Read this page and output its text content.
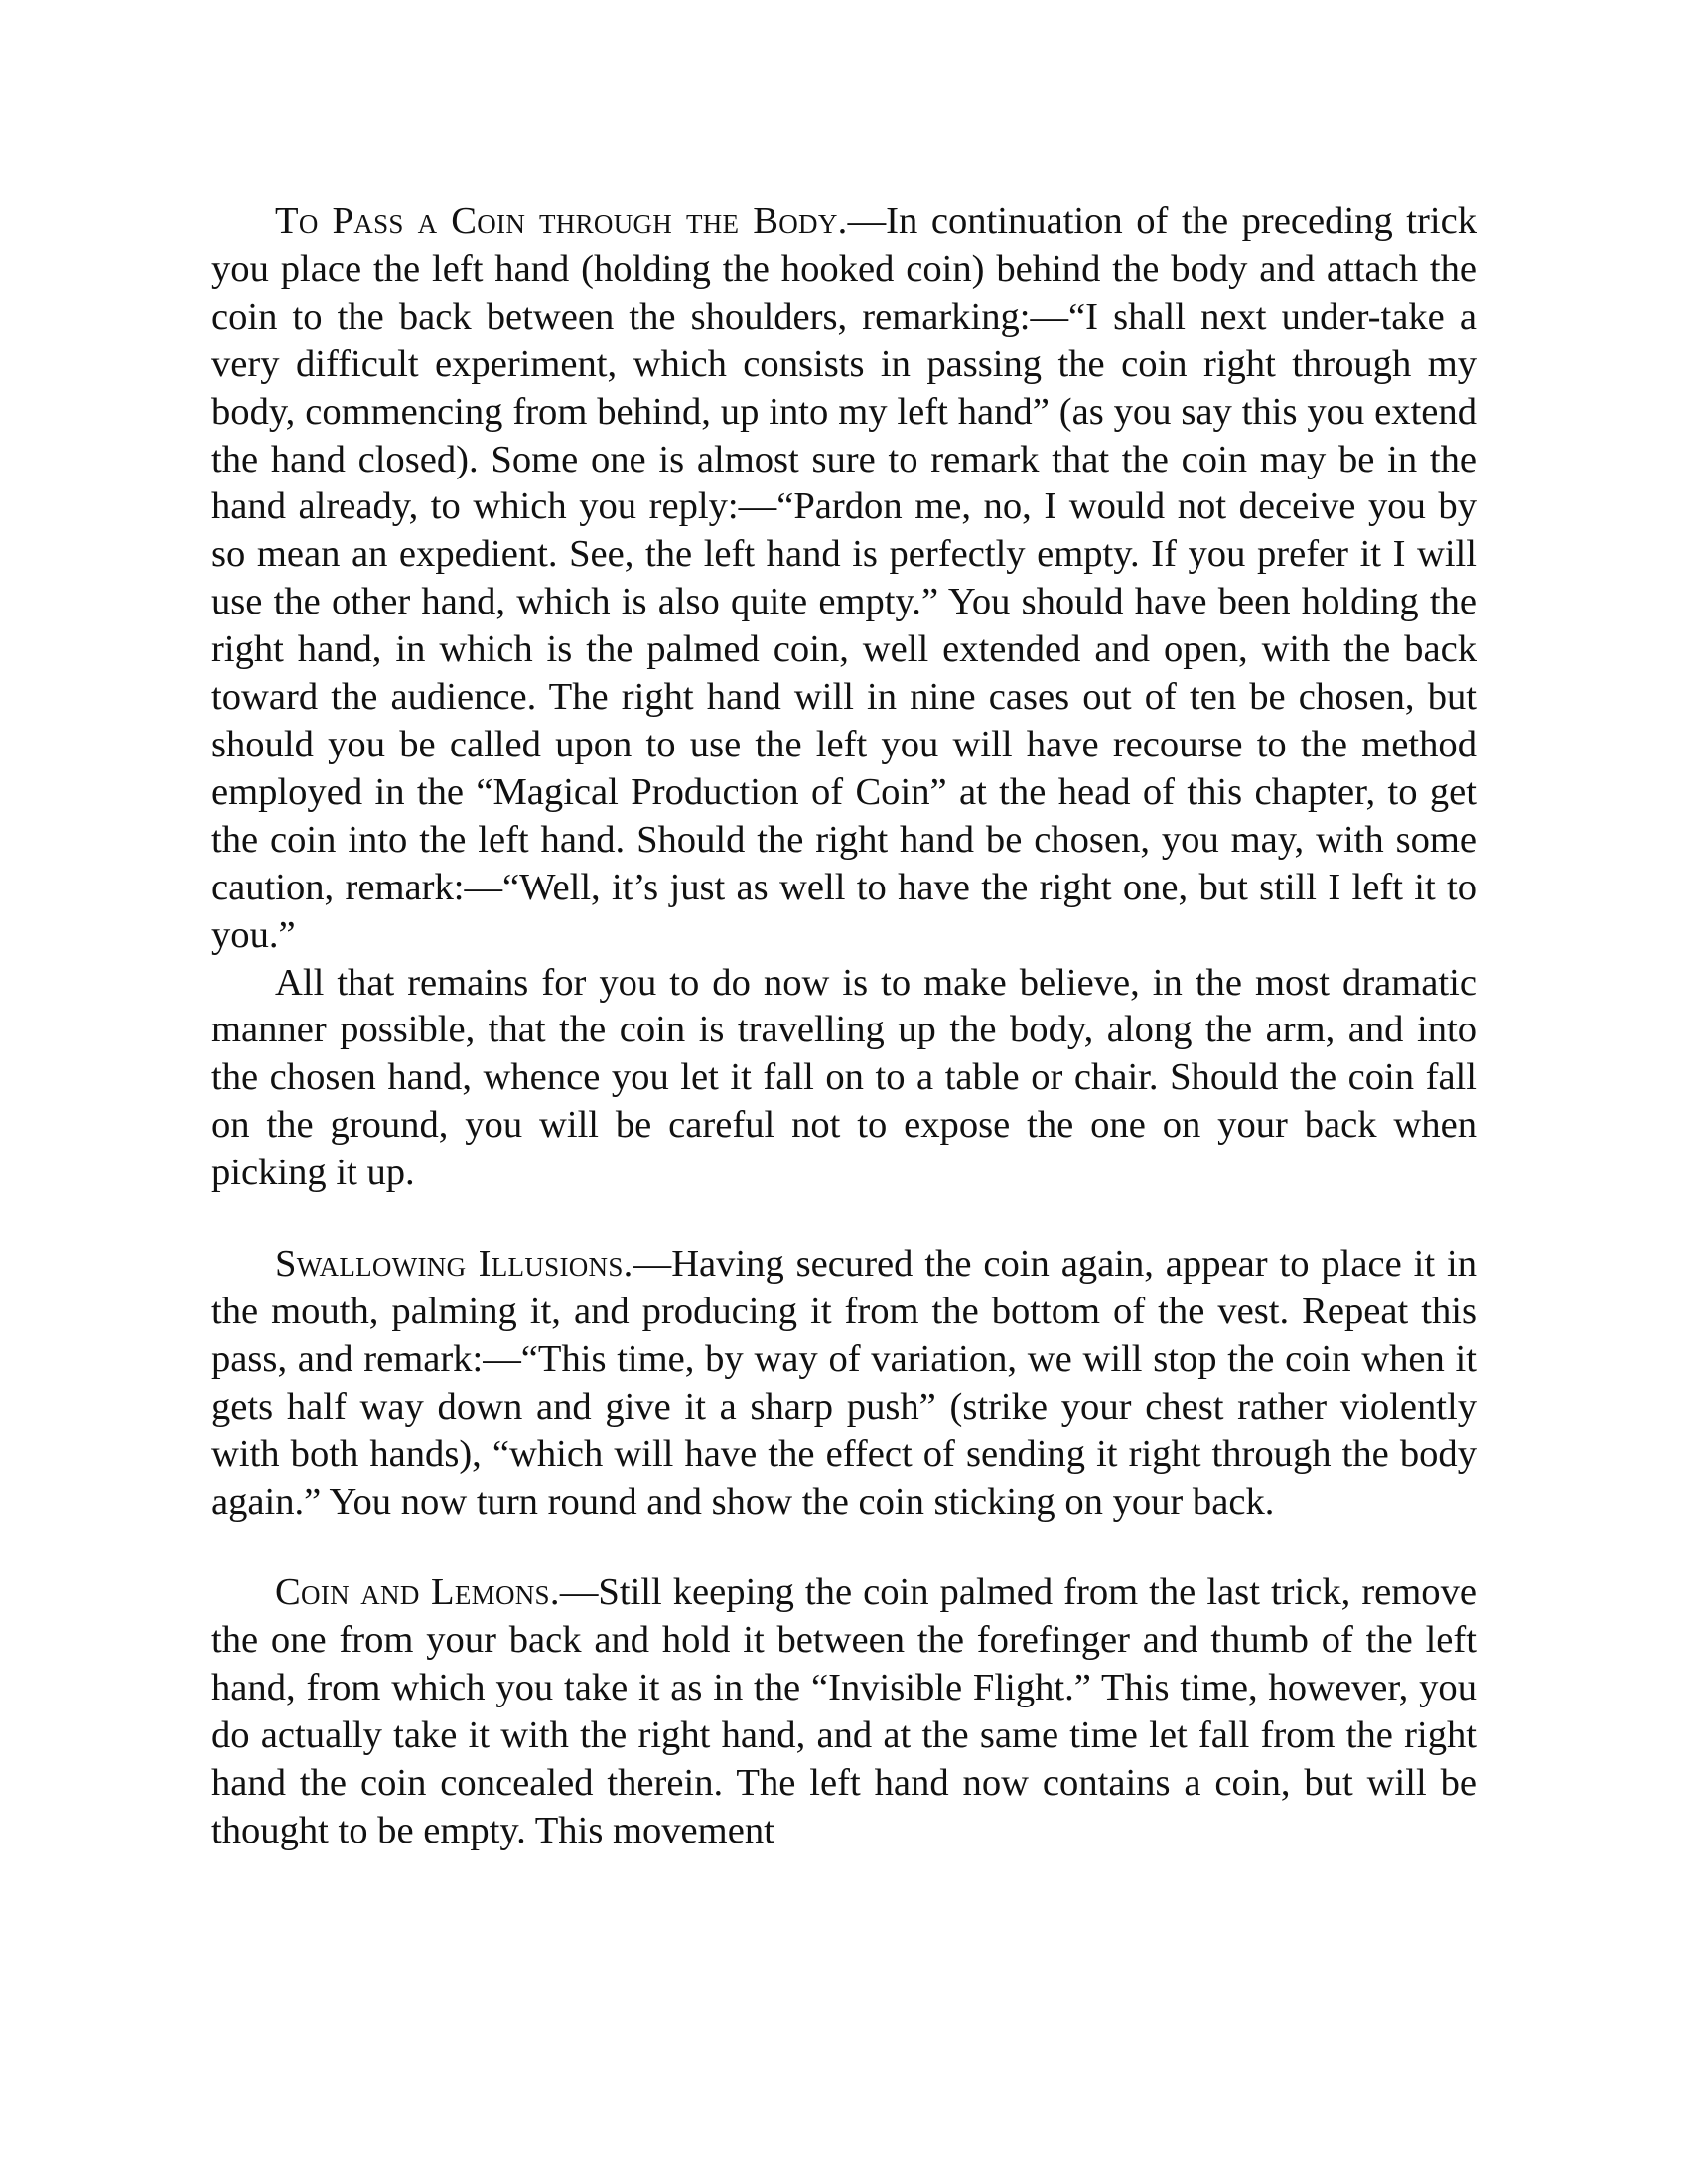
To Pass a Coin through the Body.—In continuation of the preceding trick you place the left hand (holding the hooked coin) behind the body and attach the coin to the back between the shoulders, remarking:—“I shall next under-take a very difficult experiment, which consists in passing the coin right through my body, commencing from behind, up into my left hand” (as you say this you extend the hand closed). Some one is almost sure to remark that the coin may be in the hand already, to which you reply:—“Pardon me, no, I would not deceive you by so mean an expedient. See, the left hand is perfectly empty. If you prefer it I will use the other hand, which is also quite empty.” You should have been holding the right hand, in which is the palmed coin, well extended and open, with the back toward the audience. The right hand will in nine cases out of ten be chosen, but should you be called upon to use the left you will have recourse to the method employed in the “Magical Production of Coin” at the head of this chapter, to get the coin into the left hand. Should the right hand be chosen, you may, with some caution, remark:—“Well, it’s just as well to have the right one, but still I left it to you.”

All that remains for you to do now is to make believe, in the most dramatic manner possible, that the coin is travelling up the body, along the arm, and into the chosen hand, whence you let it fall on to a table or chair. Should the coin fall on the ground, you will be careful not to expose the one on your back when picking it up.

Swallowing Illusions.—Having secured the coin again, appear to place it in the mouth, palming it, and producing it from the bottom of the vest. Repeat this pass, and remark:—“This time, by way of variation, we will stop the coin when it gets half way down and give it a sharp push” (strike your chest rather violently with both hands), “which will have the effect of sending it right through the body again.” You now turn round and show the coin sticking on your back.

Coin and Lemons.—Still keeping the coin palmed from the last trick, remove the one from your back and hold it between the forefinger and thumb of the left hand, from which you take it as in the “Invisible Flight.” This time, however, you do actually take it with the right hand, and at the same time let fall from the right hand the coin concealed therein. The left hand now contains a coin, but will be thought to be empty. This movement
